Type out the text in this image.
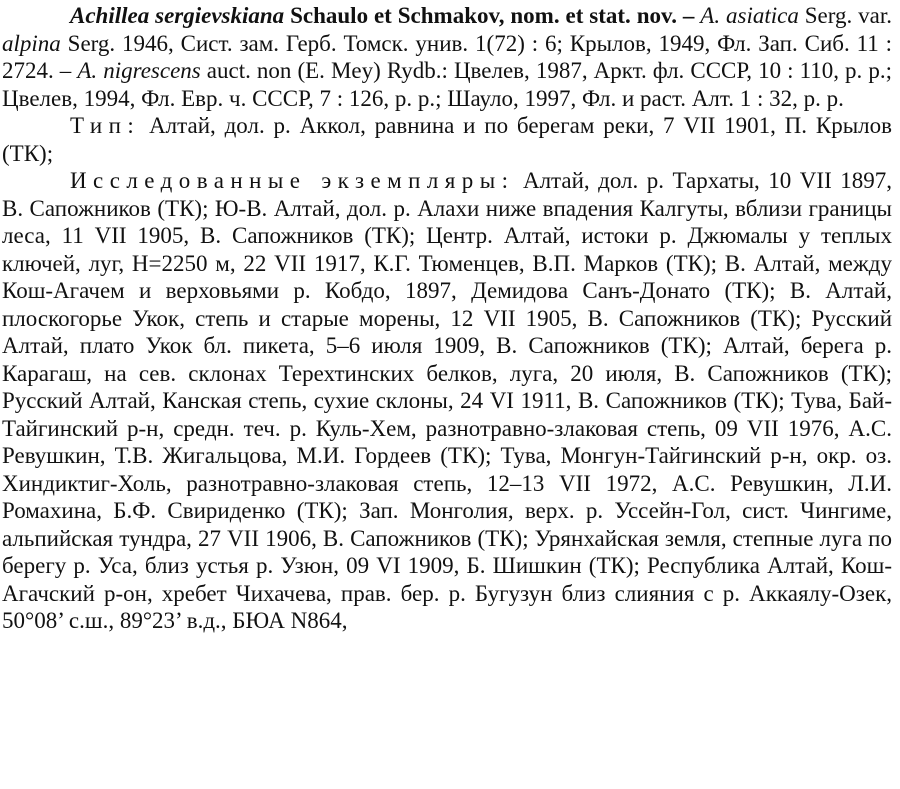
Achillea sergievskiana Schaulo et Schmakov, nom. et stat. nov. – A. asiatica Serg. var. alpina Serg. 1946, Сист. зам. Герб. Томск. унив. 1(72) : 6; Крылов, 1949, Фл. Зап. Сиб. 11 : 2724. – A. nigrescens auct. non (E. Mey) Rydb.: Цвелев, 1987, Аркт. фл. СССР, 10 : 110, р. р.; Цвелев, 1994, Фл. Евр. ч. СССР, 7 : 126, р. р.; Шауло, 1997, Фл. и раст. Алт. 1 : 32, р. р.

Тип: Алтай, дол. р. Аккол, равнина и по берегам реки, 7 VII 1901, П. Крылов (ТК);

Исследованные экземпляры: Алтай, дол. р. Тархаты, 10 VII 1897, В. Сапожников (ТК); Ю-В. Алтай, дол. р. Алахи ниже впадения Калгуты, вблизи границы леса, 11 VII 1905, В. Сапожников (ТК); Центр. Алтай, истоки р. Джюмалы у теплых ключей, луг, H=2250 м, 22 VII 1917, К.Г. Тюменцев, В.П. Марков (ТК); В. Алтай, между Кош-Агачем и верховьями р. Кобдо, 1897, Демидова Санъ-Донато (ТК); В. Алтай, плоскогорье Укок, степь и старые морены, 12 VII 1905, В. Сапожников (ТК); Русский Алтай, плато Укок бл. пикета, 5–6 июля 1909, В. Сапожников (ТК); Алтай, берега р. Карагаш, на сев. склонах Терехтинских белков, луга, 20 июля, В. Сапожников (ТК); Русский Алтай, Канская степь, сухие склоны, 24 VI 1911, В. Сапожников (ТК); Тува, Бай-Тайгинский р-н, средн. теч. р. Куль-Хем, разнотравно-злаковая степь, 09 VII 1976, А.С. Ревушкин, Т.В. Жигальцова, М.И. Гордеев (ТК); Тува, Монгун-Тайгинский р-н, окр. оз. Хиндиктиг-Холь, разнотравно-злаковая степь, 12–13 VII 1972, А.С. Ревушкин, Л.И. Ромахина, Б.Ф. Свириденко (ТК); Зап. Монголия, верх. р. Уссейн-Гол, сист. Чингиме, альпийская тундра, 27 VII 1906, В. Сапожников (ТК); Урянхайская земля, степные луга по берегу р. Уса, близ устья р. Узюн, 09 VI 1909, Б. Шишкин (ТК); Республика Алтай, Кош-Агачский р-он, хребет Чихачева, прав. бер. р. Бугузун близ слияния с р. Аккаялу-Озек, 50°08’ с.ш., 89°23’ в.д., БЮА N864,
